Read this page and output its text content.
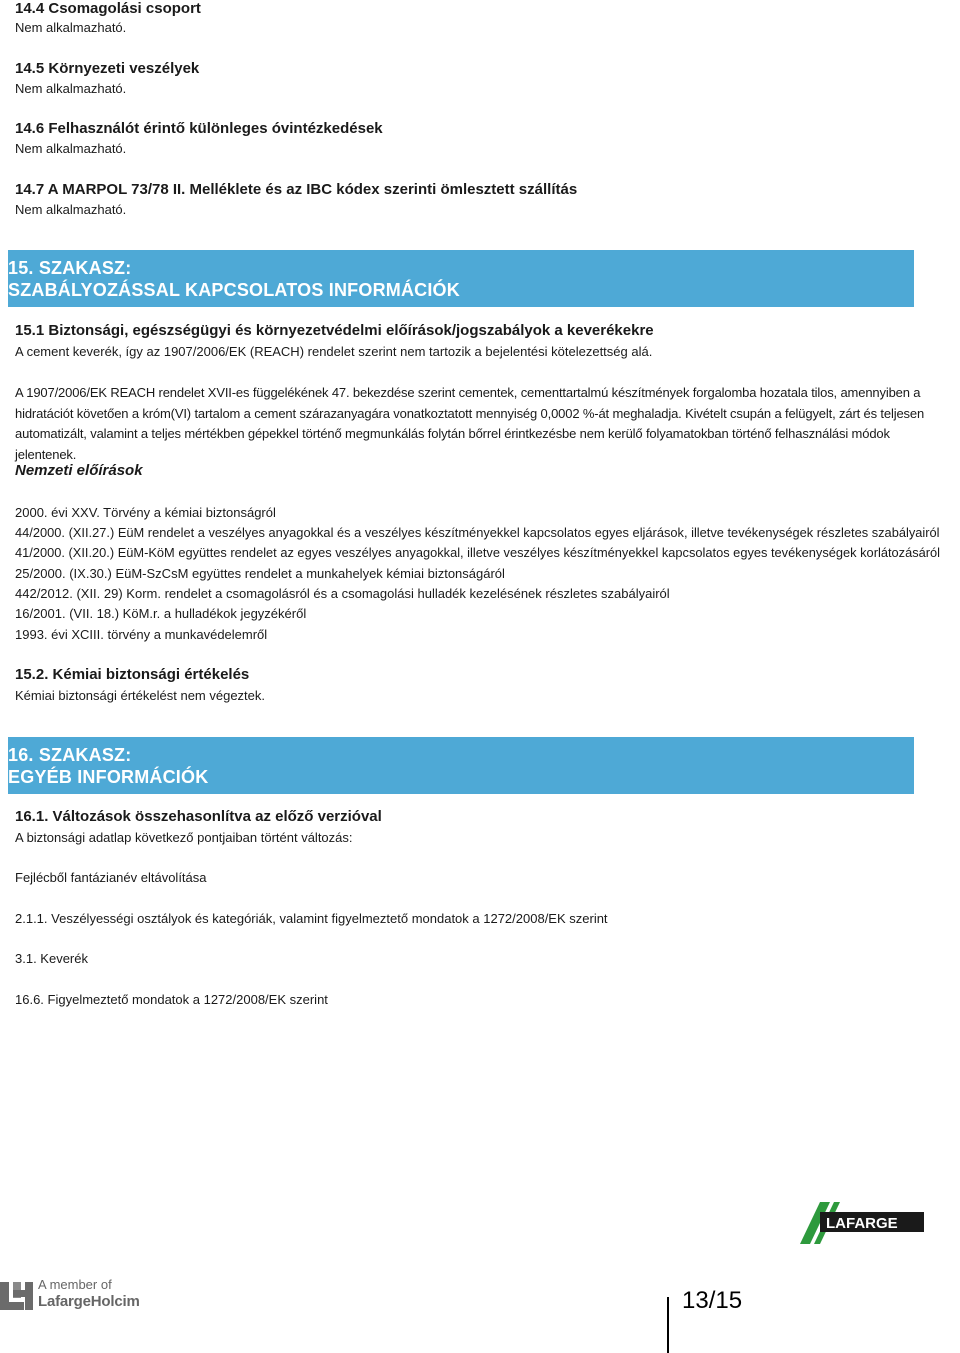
14.4 Csomagolási csoport
Nem alkalmazható.
14.5 Környezeti veszélyek
Nem alkalmazható.
14.6 Felhasználót érintő különleges óvintézkedések
Nem alkalmazható.
14.7 A MARPOL 73/78 II. Melléklete és az IBC kódex szerinti ömlesztett szállítás
Nem alkalmazható.
15. SZAKASZ:
SZABÁLYOZÁSSAL KAPCSOLATOS INFORMÁCIÓK
15.1 Biztonsági, egészségügyi és környezetvédelmi előírások/jogszabályok a keverékekre
A cement keverék, így az 1907/2006/EK (REACH) rendelet szerint nem tartozik a bejelentési kötelezettség alá.
A 1907/2006/EK REACH rendelet XVII-es függelékének 47. bekezdése szerint cementek, cementtartalmú készítmények forgalomba hozatala tilos, amennyiben a hidratációt követően a króm(VI) tartalom a cement szárazanyagára vonatkoztatott mennyiség 0,0002 %-át meghaladja. Kivételt csupán a felügyelt, zárt és teljesen automatizált, valamint a teljes mértékben gépekkel történő megmunkálás folytán bőrrel érintkezésbe nem kerülő folyamatokban történő felhasználási módok jelentenek.
Nemzeti előírások
2000. évi XXV. Törvény a kémiai biztonságról
44/2000. (XII.27.) EüM rendelet a veszélyes anyagokkal és a veszélyes készítményekkel kapcsolatos egyes eljárások, illetve tevékenységek részletes szabályairól
41/2000. (XII.20.) EüM-KöM együttes rendelet az egyes veszélyes anyagokkal, illetve veszélyes készítményekkel kapcsolatos egyes tevékenységek korlátozásáról
25/2000. (IX.30.) EüM-SzCsM együttes rendelet a munkahelyek kémiai biztonságáról
442/2012. (XII. 29) Korm. rendelet a csomagolásról és a csomagolási hulladék kezelésének részletes szabályairól
16/2001. (VII. 18.) KöM.r. a hulladékok jegyzékéről
1993. évi XCIII. törvény a munkavédelemről
15.2. Kémiai biztonsági értékelés
Kémiai biztonsági értékelést nem végeztek.
16. SZAKASZ:
EGYÉB INFORMÁCIÓK
16.1. Változások összehasonlítva az előző verzióval
A biztonsági adatlap következő pontjaiban történt változás:
Fejlécből fantázianév eltávolítása
2.1.1. Veszélyességi osztályok és kategóriák, valamint figyelmeztető mondatok a 1272/2008/EK szerint
3.1. Keverék
16.6. Figyelmeztető mondatok a 1272/2008/EK szerint
LAFARGE
A member of
LafargeHolcim	13/15
